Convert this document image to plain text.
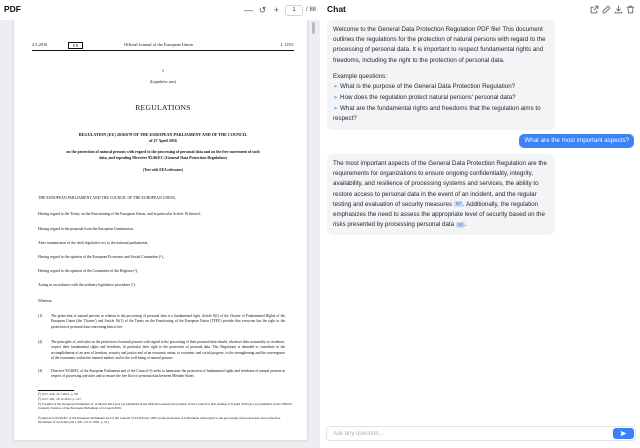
PDF	— ↺ +
1	/ 88
4.5.2016	EN	Official Journal of the European Union	L 119/1
I
(Legislative acts)
REGULATIONS
REGULATION (EU) 2016/679 OF THE EUROPEAN PARLIAMENT AND OF THE COUNCIL
of 27 April 2016
on the protection of natural persons with regard to the processing of personal data and on the free movement of such data, and repealing Directive 95/46/EC (General Data Protection Regulation)
(Text with EEA relevance)
THE EUROPEAN PARLIAMENT AND THE COUNCIL OF THE EUROPEAN UNION,
Having regard to the Treaty on the Functioning of the European Union, and in particular Article 16 thereof,
Having regard to the proposal from the European Commission,
After transmission of the draft legislative act to the national parliaments,
Having regard to the opinion of the European Economic and Social Committee (¹),
Having regard to the opinion of the Committee of the Regions (²),
Acting in accordance with the ordinary legislative procedure (³),
Whereas:
(1)	The protection of natural persons in relation to the processing of personal data is a fundamental right. Article 8(1) of the Charter of Fundamental Rights of the European Union (the 'Charter') and Article 16(1) of the Treaty on the Functioning of the European Union (TFEU) provide that everyone has the right to the protection of personal data concerning him or her.
(2)	The principles of, and rules on the protection of natural persons with regard to the processing of their personal data should, whatever their nationality or residence, respect their fundamental rights and freedoms, in particular their right to the protection of personal data. This Regulation is intended to contribute to the accomplishment of an area of freedom, security and justice and of an economic union, to economic and social progress, to the strengthening and the convergence of the economies within the internal market, and to the well-being of natural persons.
(3)	Directive 95/46/EC of the European Parliament and of the Council (⁴) seeks to harmonise the protection of fundamental rights and freedoms of natural persons in respect of processing activities and to ensure the free flow of personal data between Member States.
(¹) OJ C 229, 31.7.2012, p. 90.
(²) OJ C 391, 18.12.2012, p. 127.
(³) Position of the European Parliament of 12 March 2014 (not yet published in the Official Journal) and position of the Council at first reading of 8 April 2016 (not yet published in the Official Journal). Position of the European Parliament of 14 April 2016.
(⁴) Directive 95/46/EC of the European Parliament and of the Council of 24 October 1995 on the protection of individuals with regard to the processing of personal data and on the free movement of such data (OJ L 281, 23.11.1995, p. 31).
Chat
Welcome to the General Data Protection Regulation PDF file! This document outlines the regulations for the protection of natural persons with regard to the processing of personal data. It is important to respect fundamental rights and freedoms, including the right to the protection of personal data.
Example questions:
➢ What is the purpose of the General Data Protection Regulation?
➢ How does the regulation protect natural persons' personal data?
➢ What are the fundamental rights and freedoms that the regulation aims to respect?
What are the most important aspects?
The most important aspects of the General Data Protection Regulation are the requirements for organizations to ensure ongoing confidentiality, integrity, availability, and resilience of processing systems and services, the ability to restore access to personal data in the event of an incident, and the regular testing and evaluation of security measures 52 . Additionally, the regulation emphasizes the need to assess the appropriate level of security based on the risks presented by processing personal data 52 .
Ask any question...
